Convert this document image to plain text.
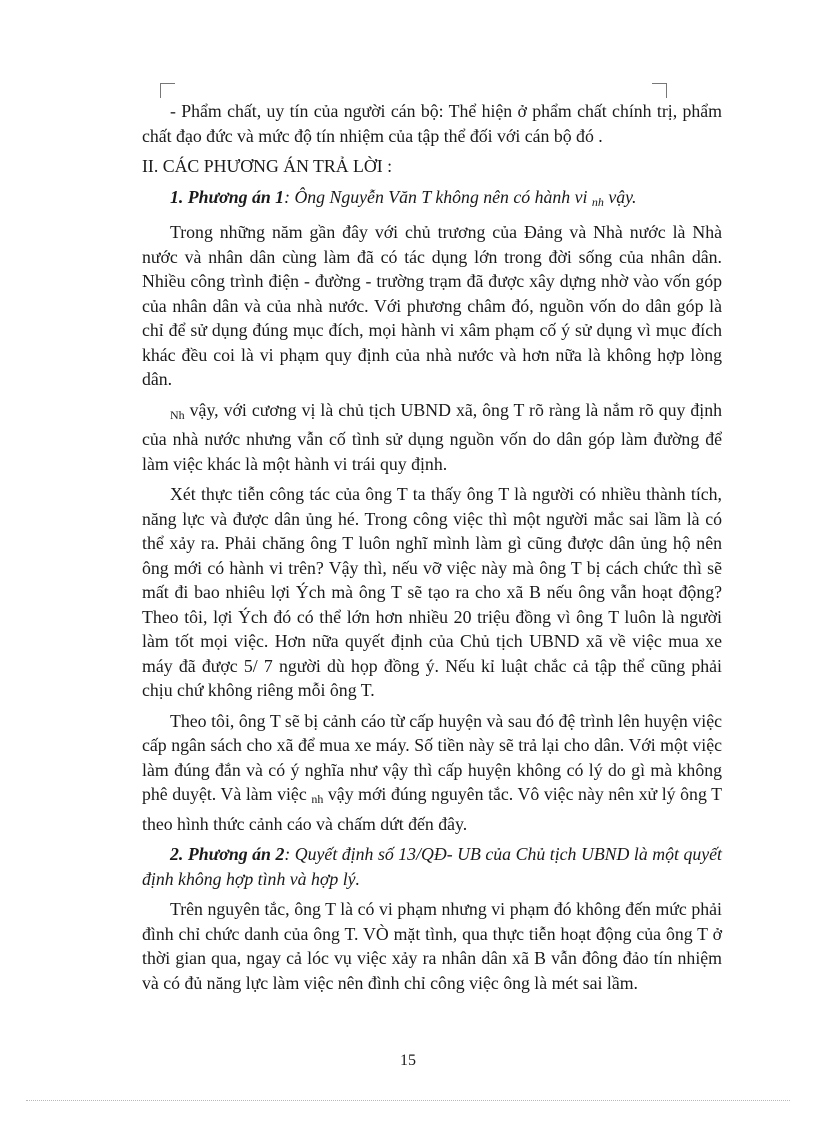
- Phẩm chất, uy tín của người cán bộ: Thể hiện ở phẩm chất chính trị, phẩm chất đạo đức và mức độ tín nhiệm của tập thể đối với cán bộ đó .

II. CÁC PHƯƠNG ÁN TRẢ LỜI :

1. Phương án 1: Ông Nguyễn Văn T không nên có hành vi $_{nh}$ vậy.

Trong những năm gần đây với chủ trương của Đảng và Nhà nước là Nhà nước và nhân dân cùng làm đã có tác dụng lớn trong đời sống của nhân dân. Nhiều công trình điện - đường - trường trạm đã được xây dựng nhờ vào vốn góp của nhân dân và của nhà nước. Với phương châm đó, nguồn vốn do dân góp là chỉ để sử dụng đúng mục đích, mọi hành vi xâm phạm cố ý sử dụng vì mục đích khác đều coi là vi phạm quy định của nhà nước và hơn nữa là không hợp lòng dân.

$_{Nh}$ vậy, với cương vị là chủ tịch UBND xã, ông T rõ ràng là nắm rõ quy định của nhà nước nhưng vẫn cố tình sử dụng nguồn vốn do dân góp làm đường để làm việc khác là một hành vi trái quy định.

Xét thực tiễn công tác của ông T ta thấy ông T là người có nhiều thành tích, năng lực và được dân ủng hé. Trong công việc thì một người mắc sai lầm là có thể xảy ra. Phải chăng ông T luôn nghĩ mình làm gì cũng được dân ủng hộ nên ông mới có hành vi trên? Vậy thì, nếu vỡ việc này mà ông T bị cách chức thì sẽ mất đi bao nhiêu lợi Ých mà ông T sẽ tạo ra cho xã B nếu ông vẫn hoạt động? Theo tôi, lợi Ých đó có thể lớn hơn nhiều 20 triệu đồng vì ông T luôn là người làm tốt mọi việc. Hơn nữa quyết định của Chủ tịch UBND xã về việc mua xe máy đã được 5/ 7 người dù họp đồng ý. Nếu kỉ luật chắc cả tập thể cũng phải chịu chứ không riêng mỗi ông T.

Theo tôi, ông T sẽ bị cảnh cáo từ cấp huyện và sau đó đệ trình lên huyện việc cấp ngân sách cho xã để mua xe máy. Số tiền này sẽ trả lại cho dân. Với một việc làm đúng đắn và có ý nghĩa như vậy thì cấp huyện không có lý do gì mà không phê duyệt. Và làm việc $_{nh}$ vậy mới đúng nguyên tắc. Vô việc này nên xử lý ông T theo hình thức cảnh cáo và chấm dứt đến đây.

2. Phương án 2: Quyết định số 13/QĐ- UB của Chủ tịch UBND là một quyết định không hợp tình và hợp lý.

Trên nguyên tắc, ông T là có vi phạm nhưng vi phạm đó không đến mức phải đình chỉ chức danh của ông T. VÒ mặt tình, qua thực tiễn hoạt động của ông T ở thời gian qua, ngay cả lóc vụ việc xảy ra nhân dân xã B vẫn đông đảo tín nhiệm và có đủ năng lực làm việc nên đình chỉ công việc ông là mét sai lầm.

15
